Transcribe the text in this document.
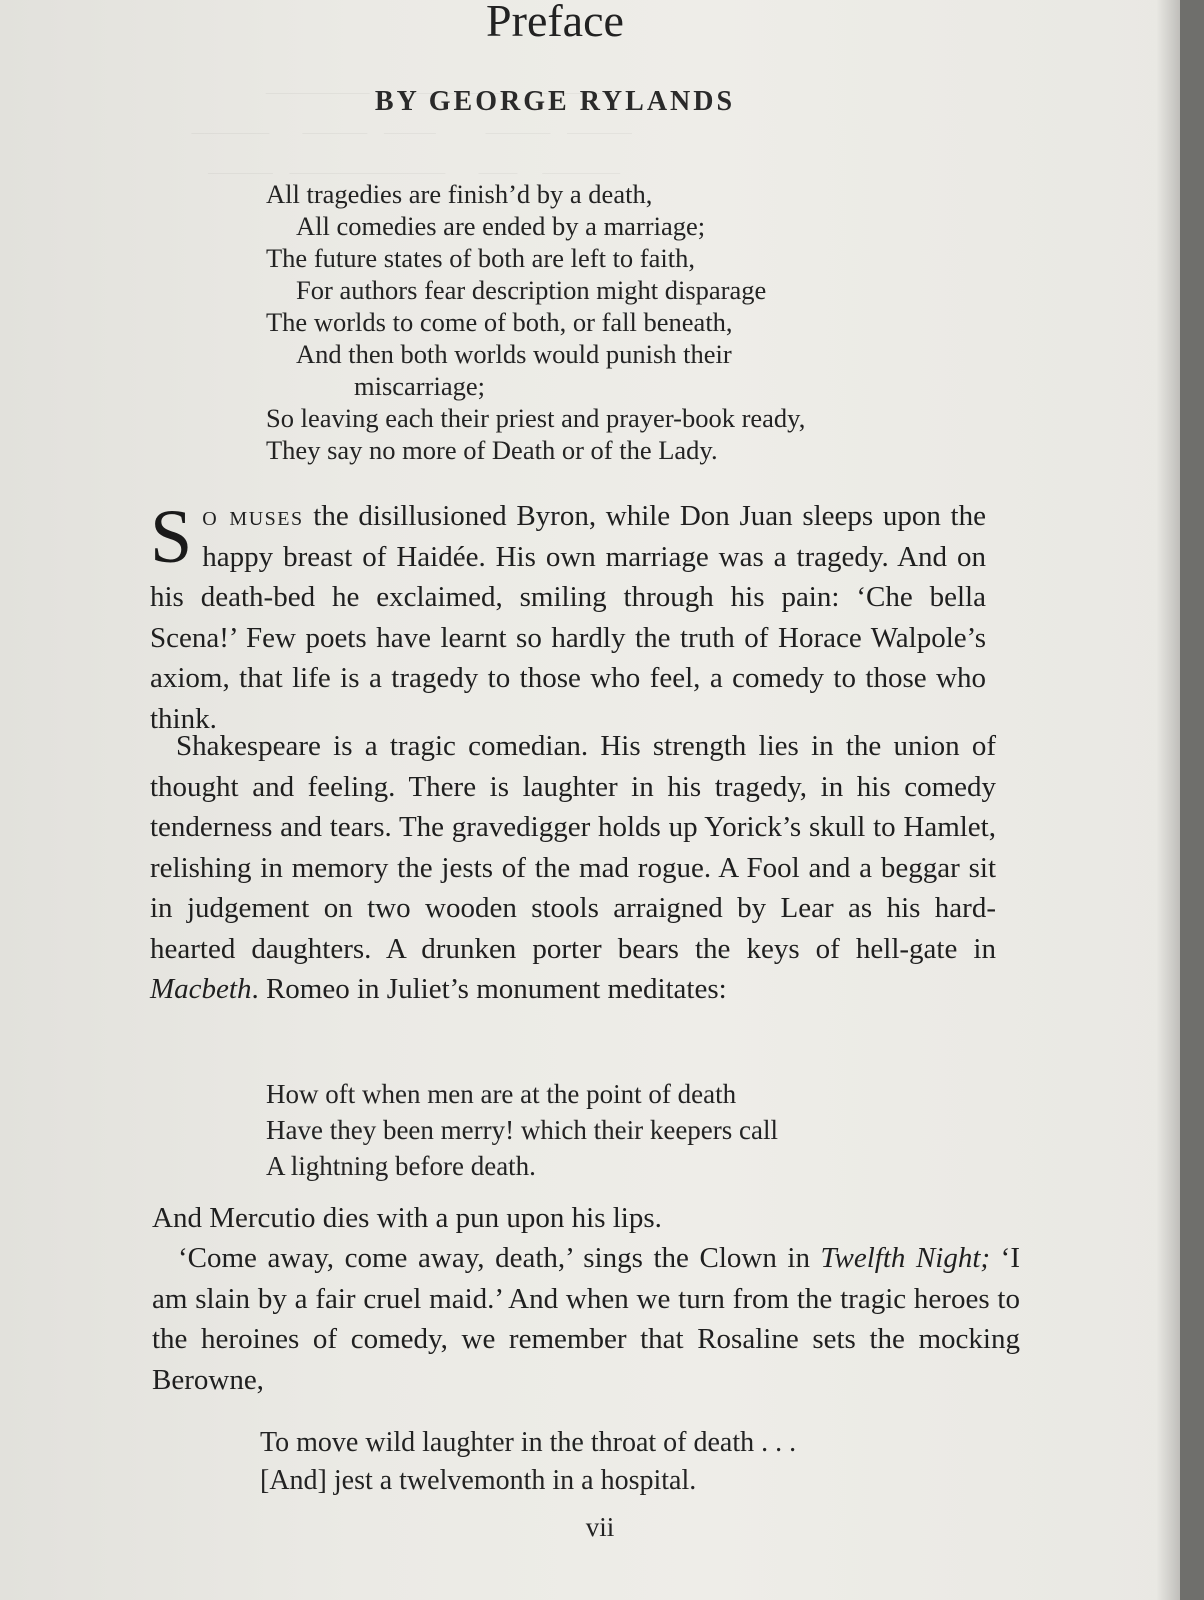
________    ____ ___    ______
______    _____  ____      _____  _____
_____  ____________    ___   ______

Preface
BY GEORGE RYLANDS
All tragedies are finish’d by a death,
All comedies are ended by a marriage;
The future states of both are left to faith,
For authors fear description might disparage
The worlds to come of both, or fall beneath,
And then both worlds would punish their
miscarriage;
So leaving each their priest and prayer-book ready,
They say no more of Death or of the Lady.

So muses the disillusioned Byron, while Don Juan sleeps upon the happy breast of Haidée. His own marriage was a tragedy. And on his death-bed he exclaimed, smiling through his pain: ‘Che bella Scena!’ Few poets have learnt so hardly the truth of Horace Walpole’s axiom, that life is a tragedy to those who feel, a comedy to those who think.

Shakespeare is a tragic comedian. His strength lies in the union of thought and feeling. There is laughter in his tragedy, in his comedy tenderness and tears. The gravedigger holds up Yorick’s skull to Hamlet, relishing in memory the jests of the mad rogue. A Fool and a beggar sit in judgement on two wooden stools arraigned by Lear as his hard-hearted daughters. A drunken porter bears the keys of hell-gate in Macbeth. Romeo in Juliet’s monument meditates:

How oft when men are at the point of death
Have they been merry! which their keepers call
A lightning before death.

And Mercutio dies with a pun upon his lips.

‘Come away, come away, death,’ sings the Clown in Twelfth Night; ‘I am slain by a fair cruel maid.’ And when we turn from the tragic heroes to the heroines of comedy, we remember that Rosaline sets the mocking Berowne,

To move wild laughter in the throat of death . . .
[And] jest a twelvemonth in a hospital.
vii
